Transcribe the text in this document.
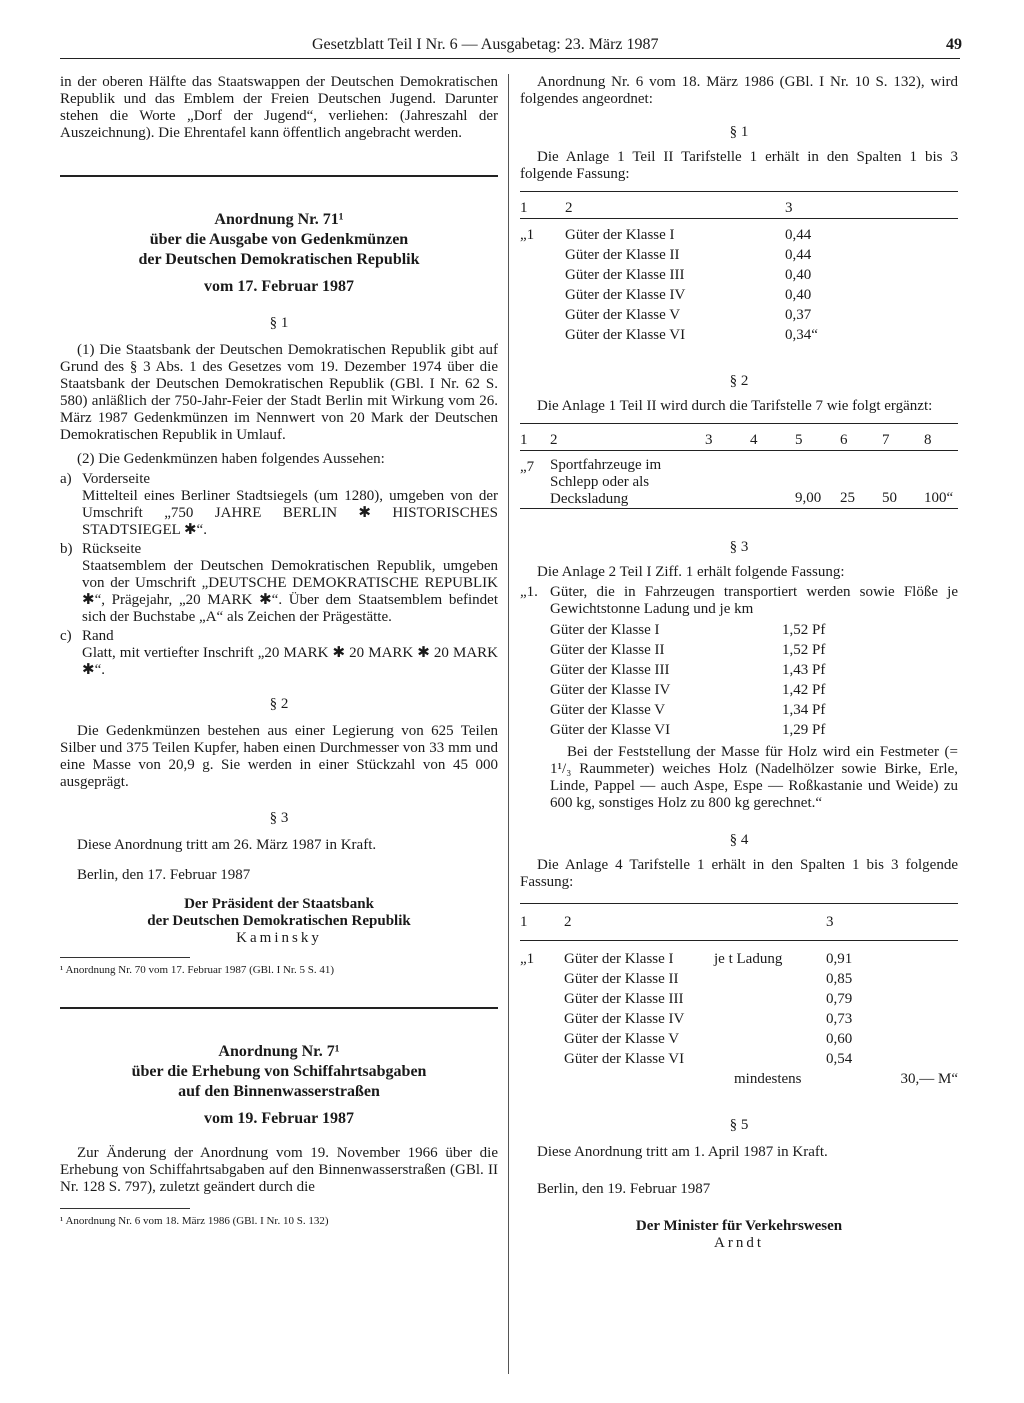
Gesetzblatt Teil I Nr. 6 — Ausgabetag: 23. März 1987	49

in der oberen Hälfte das Staatswappen der Deutschen Demokratischen Republik und das Emblem der Freien Deutschen Jugend. Darunter stehen die Worte „Dorf der Jugend“, verliehen: (Jahreszahl der Auszeichnung). Die Ehrentafel kann öffentlich angebracht werden.

Anordnung Nr. 71¹
über die Ausgabe von Gedenkmünzen
der Deutschen Demokratischen Republik
vom 17. Februar 1987

§ 1

(1) Die Staatsbank der Deutschen Demokratischen Republik gibt auf Grund des § 3 Abs. 1 des Gesetzes vom 19. Dezember 1974 über die Staatsbank der Deutschen Demokratischen Republik (GBl. I Nr. 62 S. 580) anläßlich der 750-Jahr-Feier der Stadt Berlin mit Wirkung vom 26. März 1987 Gedenkmünzen im Nennwert von 20 Mark der Deutschen Demokratischen Republik in Umlauf.

(2) Die Gedenkmünzen haben folgendes Aussehen:

a) Vorderseite

Mittelteil eines Berliner Stadtsiegels (um 1280), umgeben von der Umschrift „750 JAHRE BERLIN ✱ HISTORISCHES STADTSIEGEL ✱“.

b) Rückseite

Staatsemblem der Deutschen Demokratischen Republik, umgeben von der Umschrift „DEUTSCHE DEMOKRATISCHE REPUBLIK ✱“, Prägejahr, „20 MARK ✱“. Über dem Staatsemblem befindet sich der Buchstabe „A“ als Zeichen der Prägestätte.

c) Rand

Glatt, mit vertiefter Inschrift „20 MARK ✱ 20 MARK ✱ 20 MARK ✱“.

§ 2

Die Gedenkmünzen bestehen aus einer Legierung von 625 Teilen Silber und 375 Teilen Kupfer, haben einen Durchmesser von 33 mm und eine Masse von 20,9 g. Sie werden in einer Stückzahl von 45 000 ausgeprägt.

§ 3

Diese Anordnung tritt am 26. März 1987 in Kraft.

Berlin, den 17. Februar 1987

Der Präsident der Staatsbank
der Deutschen Demokratischen Republik
Kaminsky

¹ Anordnung Nr. 70 vom 17. Februar 1987 (GBl. I Nr. 5 S. 41)

Anordnung Nr. 7¹
über die Erhebung von Schiffahrtsabgaben
auf den Binnenwasserstraßen
vom 19. Februar 1987

Zur Änderung der Anordnung vom 19. November 1966 über die Erhebung von Schiffahrtsabgaben auf den Binnenwasserstraßen (GBl. II Nr. 128 S. 797), zuletzt geändert durch die

¹ Anordnung Nr. 6 vom 18. März 1986 (GBl. I Nr. 10 S. 132)

Anordnung Nr. 6 vom 18. März 1986 (GBl. I Nr. 10 S. 132), wird folgendes angeordnet:

§ 1

Die Anlage 1 Teil II Tarifstelle 1 erhält in den Spalten 1 bis 3 folgende Fassung:

1	2	3
„1	Güter der Klasse I	0,44
	Güter der Klasse II	0,44
	Güter der Klasse III	0,40
	Güter der Klasse IV	0,40
	Güter der Klasse V	0,37
	Güter der Klasse VI	0,34“

§ 2

Die Anlage 1 Teil II wird durch die Tarifstelle 7 wie folgt ergänzt:

1	2	3	4	5	6	7	8
„7	Sportfahrzeuge im Schlepp oder als Decksladung			9,00	25	50	100“

§ 3

Die Anlage 2 Teil I Ziff. 1 erhält folgende Fassung:

„1. Güter, die in Fahrzeugen transportiert werden sowie Flöße je Gewichtstonne Ladung und je km

Güter der Klasse I	1,52 Pf
Güter der Klasse II	1,52 Pf
Güter der Klasse III	1,43 Pf
Güter der Klasse IV	1,42 Pf
Güter der Klasse V	1,34 Pf
Güter der Klasse VI	1,29 Pf

Bei der Feststellung der Masse für Holz wird ein Festmeter (= 1¹/₃ Raummeter) weiches Holz (Nadelhölzer sowie Birke, Erle, Linde, Pappel — auch Aspe, Espe — Roßkastanie und Weide) zu 600 kg, sonstiges Holz zu 800 kg gerechnet.“

§ 4

Die Anlage 4 Tarifstelle 1 erhält in den Spalten 1 bis 3 folgende Fassung:

1	2		3
„1	Güter der Klasse I	je t Ladung	0,91
	Güter der Klasse II		0,85
	Güter der Klasse III		0,79
	Güter der Klasse IV		0,73
	Güter der Klasse V		0,60
	Güter der Klasse VI		0,54
		mindestens	30,— M“

§ 5

Diese Anordnung tritt am 1. April 1987 in Kraft.

Berlin, den 19. Februar 1987

Der Minister für Verkehrswesen
Arndt
